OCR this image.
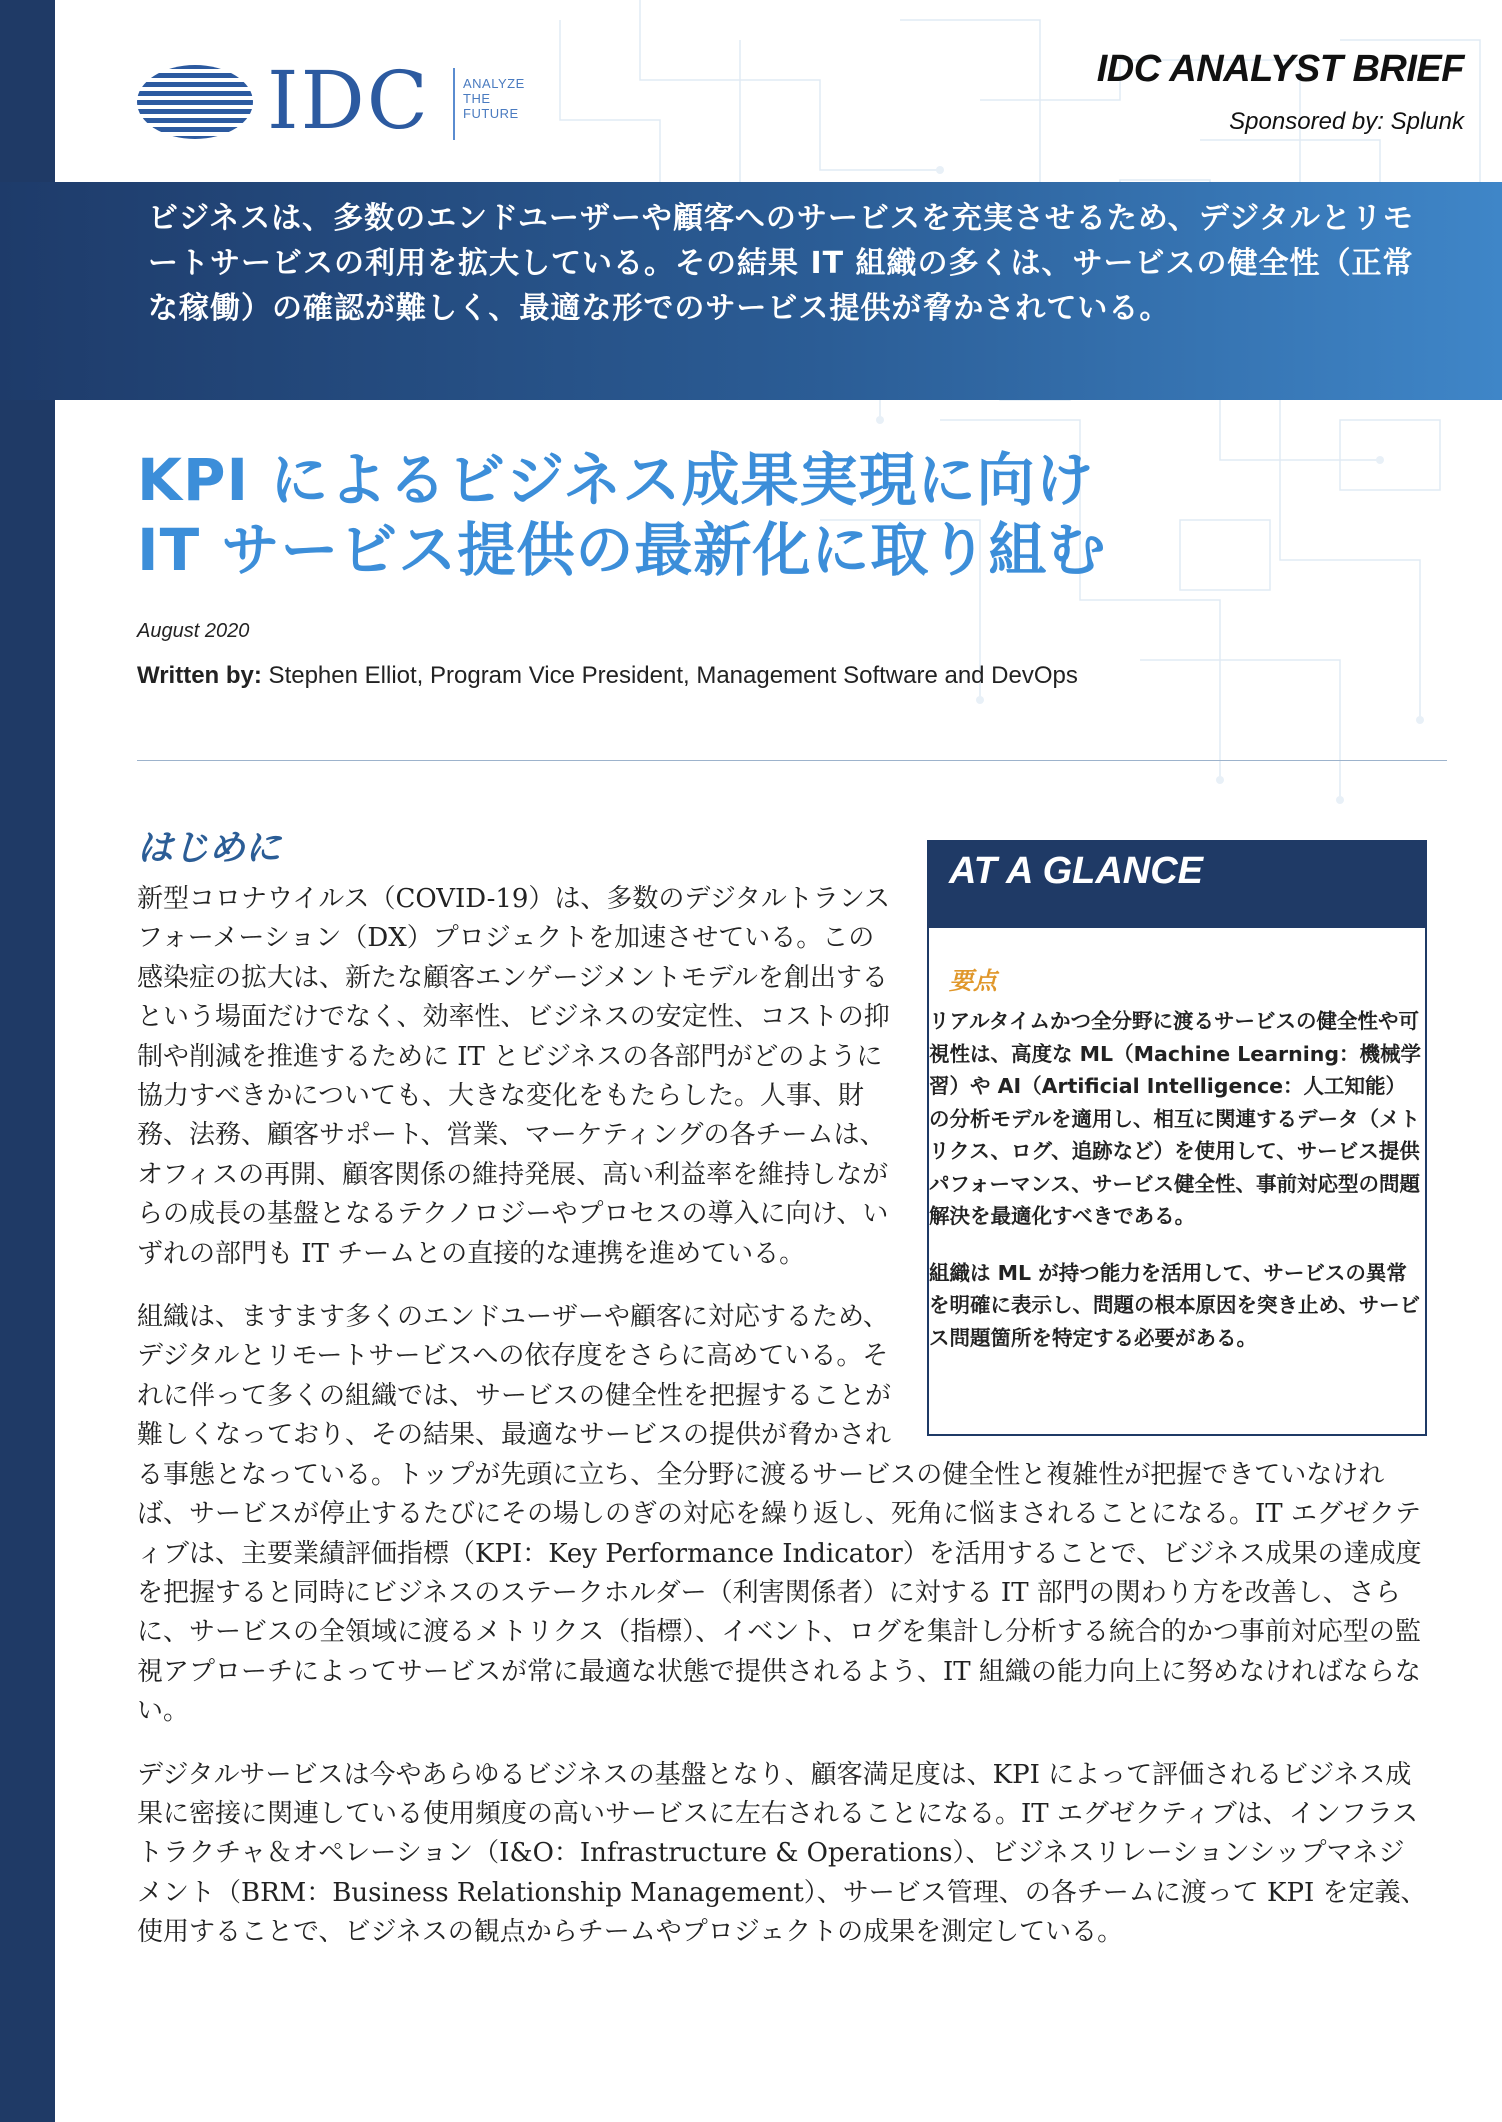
IDC	ANALYZE
THE
FUTURE
IDC ANALYST BRIEF
Sponsored by: Splunk
ビジネスは、多数のエンドユーザーや顧客へのサービスを充実させるため、デジタルとリモートサービスの利用を拡大している。その結果 IT 組織の多くは、サービスの健全性（正常な稼働）の確認が難しく、最適な形でのサービス提供が脅かされている。
KPI によるビジネス成果実現に向け
IT サービス提供の最新化に取り組む
August 2020
Written by: Stephen Elliot, Program Vice President, Management Software and DevOps
はじめに
AT A GLANCE
要点

リアルタイムかつ全分野に渡るサービスの健全性や可視性は、高度な ML（Machine Learning：機械学習）や AI（Artificial Intelligence：人工知能）の分析モデルを適用し、相互に関連するデータ（メトリクス、ログ、追跡など）を使用して、サービス提供パフォーマンス、サービス健全性、事前対応型の問題解決を最適化すべきである。

組織は ML が持つ能力を活用して、サービスの異常を明確に表示し、問題の根本原因を突き止め、サービス問題箇所を特定する必要がある。

新型コロナウイルス（COVID-19）は、多数のデジタルトランスフォーメーション（DX）プロジェクトを加速させている。この感染症の拡大は、新たな顧客エンゲージメントモデルを創出するという場面だけでなく、効率性、ビジネスの安定性、コストの抑制や削減を推進するために IT とビジネスの各部門がどのように協力すべきかについても、大きな変化をもたらした。人事、財務、法務、顧客サポート、営業、マーケティングの各チームは、オフィスの再開、顧客関係の維持発展、高い利益率を維持しながらの成長の基盤となるテクノロジーやプロセスの導入に向け、いずれの部門も IT チームとの直接的な連携を進めている。

組織は、ますます多くのエンドユーザーや顧客に対応するため、デジタルとリモートサービスへの依存度をさらに高めている。それに伴って多くの組織では、サービスの健全性を把握することが難しくなっており、その結果、最適なサービスの提供が脅かされる事態となっている。トップが先頭に立ち、全分野に渡るサービスの健全性と複雑性が把握できていなければ、サービスが停止するたびにその場しのぎの対応を繰り返し、死角に悩まされることになる。IT エグゼクティブは、主要業績評価指標（KPI：Key Performance Indicator）を活用することで、ビジネス成果の達成度を把握すると同時にビジネスのステークホルダー（利害関係者）に対する IT 部門の関わり方を改善し、さらに、サービスの全領域に渡るメトリクス（指標）、イベント、ログを集計し分析する統合的かつ事前対応型の監視アプローチによってサービスが常に最適な状態で提供されるよう、IT 組織の能力向上に努めなければならない。

デジタルサービスは今やあらゆるビジネスの基盤となり、顧客満足度は、KPI によって評価されるビジネス成果に密接に関連している使用頻度の高いサービスに左右されることになる。IT エグゼクティブは、インフラストラクチャ＆オペレーション（I&O：Infrastructure & Operations）、ビジネスリレーションシップマネジメント（BRM：Business Relationship Management）、サービス管理、の各チームに渡って KPI を定義、使用することで、ビジネスの観点からチームやプロジェクトの成果を測定している。
